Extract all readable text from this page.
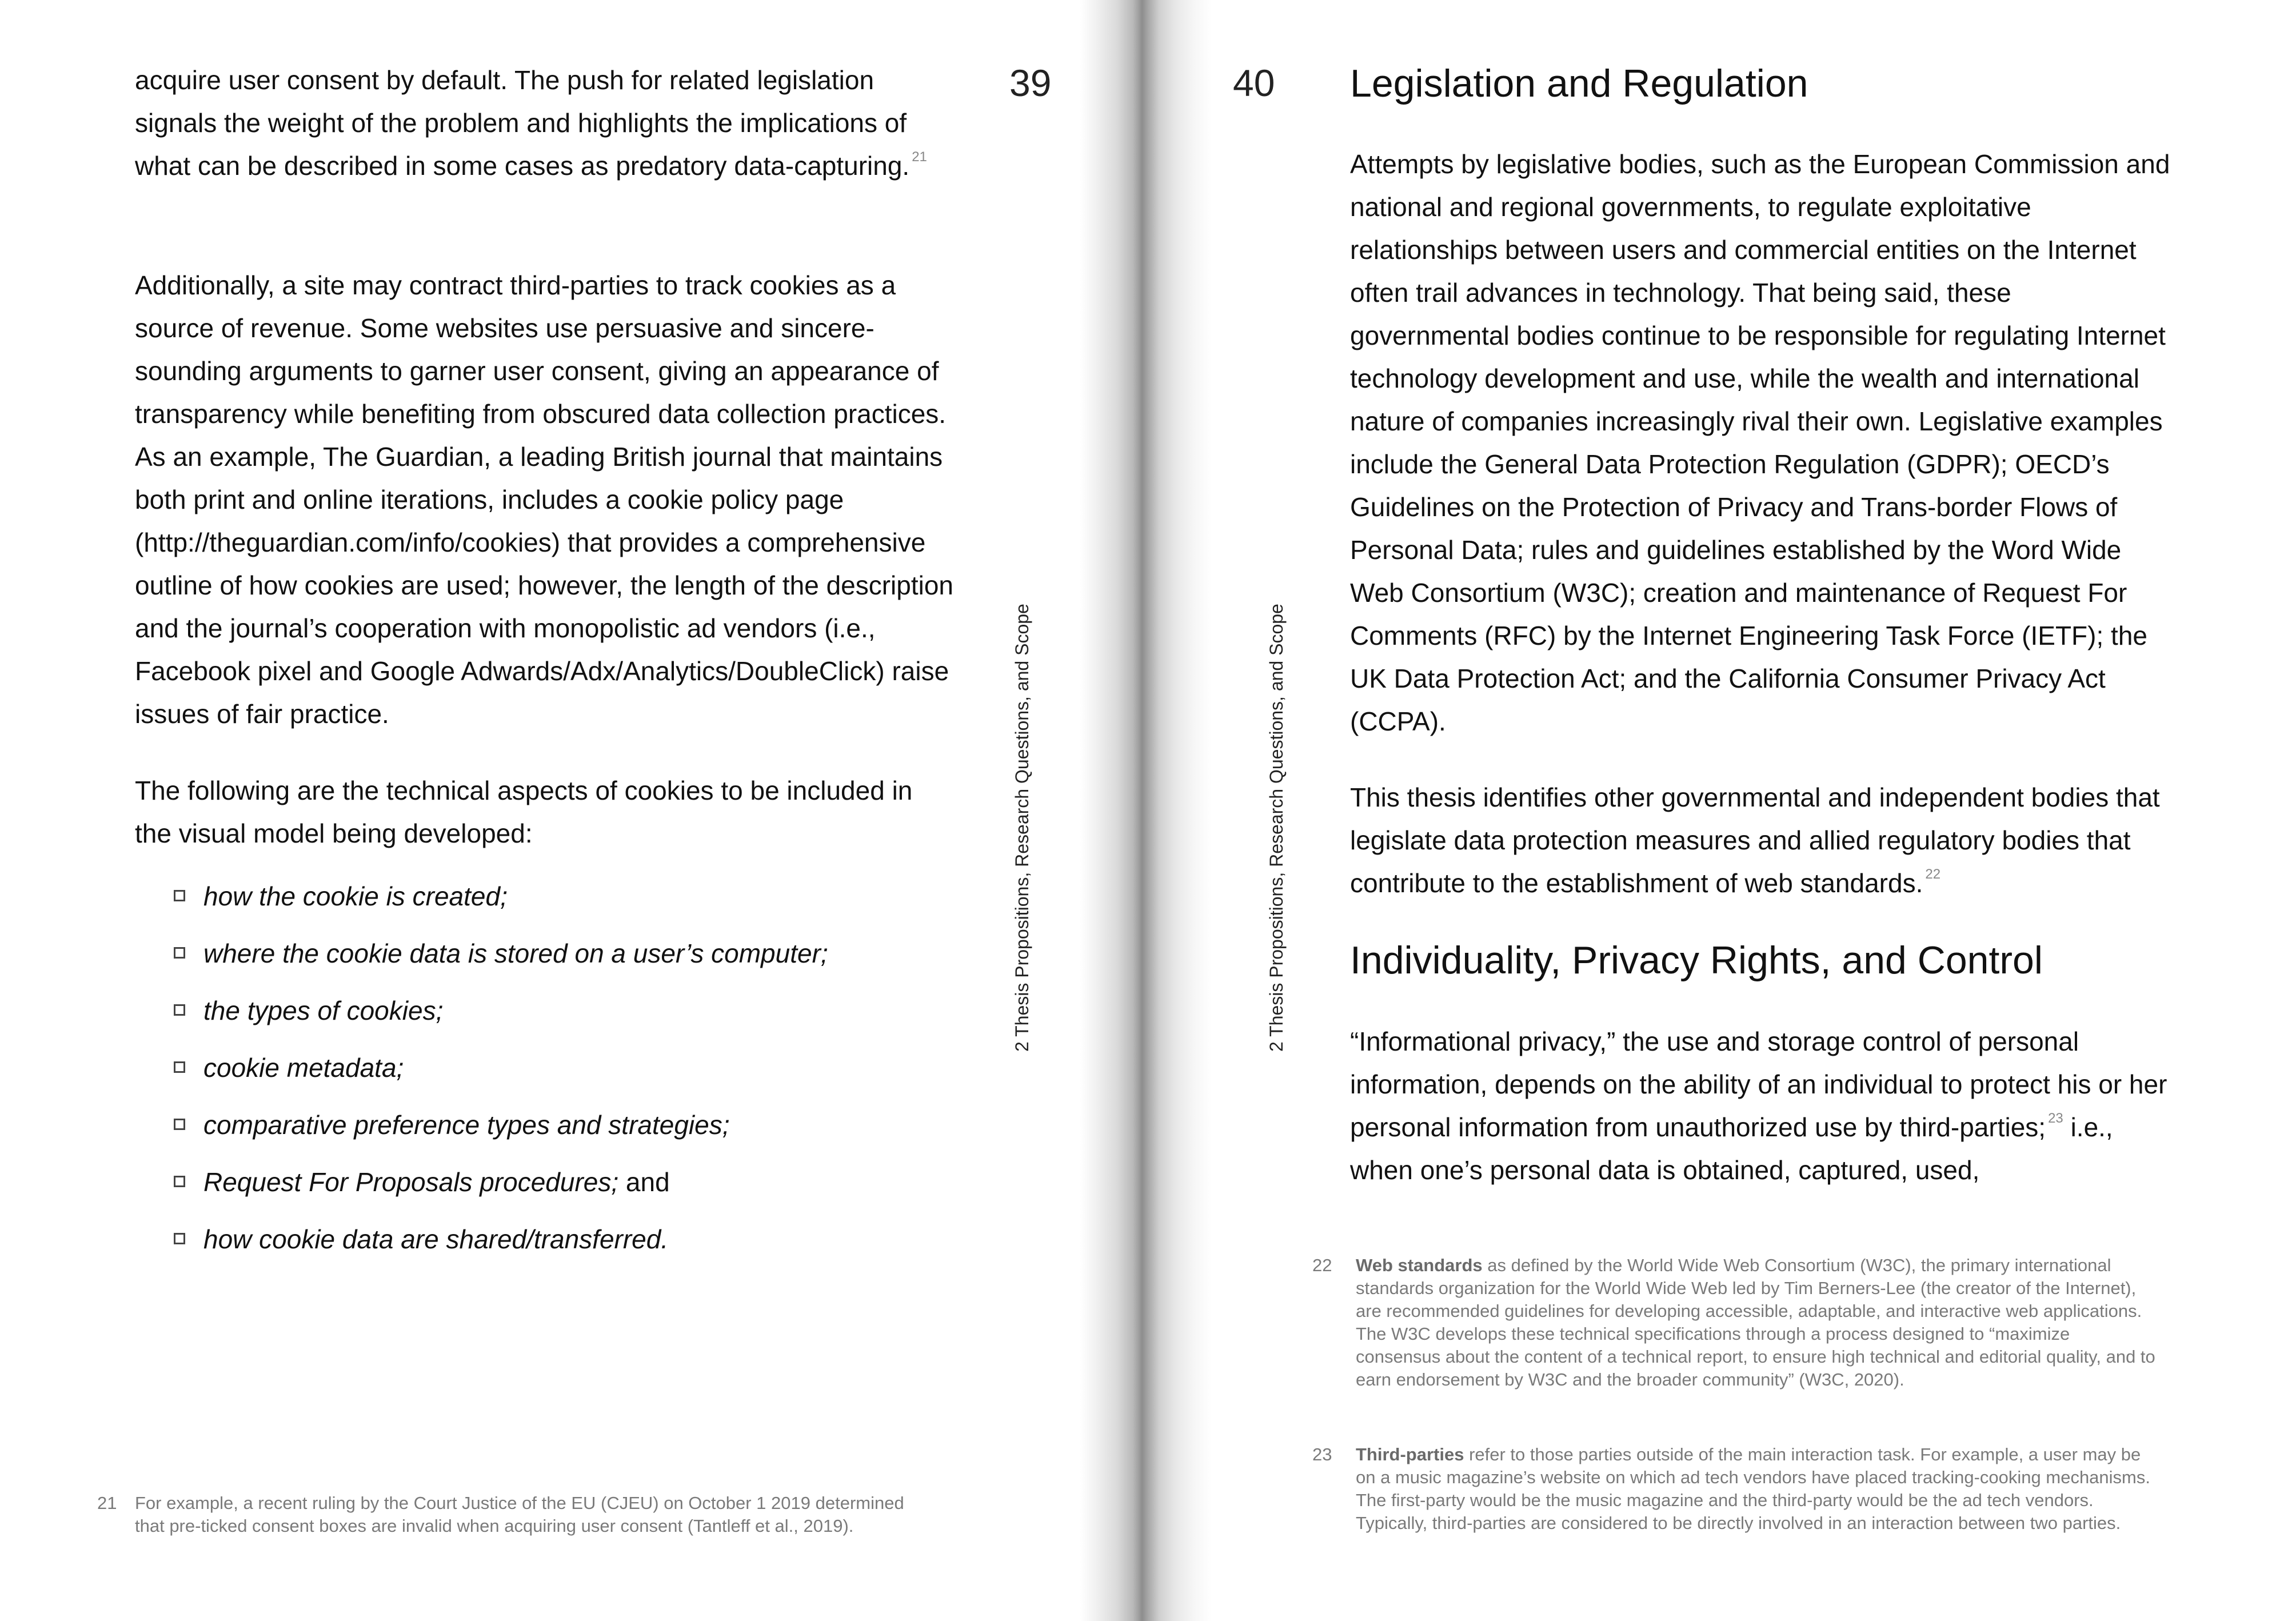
39

2 Thesis Propositions, Research Questions, and Scope

acquire user consent by default. The push for related legislation signals the weight of the problem and highlights the implications of what can be described in some cases as predatory data-capturing. $^{21}$

Additionally, a site may contract third-parties to track cookies as a source of revenue. Some websites use persuasive and sincere-sounding arguments to garner user consent, giving an appearance of transparency while benefiting from obscured data collection practices. As an example, The Guardian, a leading British journal that maintains both print and online iterations, includes a cookie policy page (http://theguardian.com/info/cookies) that provides a comprehensive outline of how cookies are used; however, the length of the description and the journal’s cooperation with monopolistic ad vendors (i.e., Facebook pixel and Google Adwards/Adx/Analytics/DoubleClick) raise issues of fair practice.

The following are the technical aspects of cookies to be included in the visual model being developed:

how the cookie is created;
where the cookie data is stored on a user’s computer;
the types of cookies;
cookie metadata;
comparative preference types and strategies;
Request For Proposals procedures; and
how cookie data are shared/transferred.
21 For example, a recent ruling by the Court Justice of the EU (CJEU) on October 1 2019 determined that pre-ticked consent boxes are invalid when acquiring user consent (Tantleff et al., 2019).

40

2 Thesis Propositions, Research Questions, and Scope

Legislation and Regulation

Attempts by legislative bodies, such as the European Commission and national and regional governments, to regulate exploitative relationships between users and commercial entities on the Internet often trail advances in technology. That being said, these governmental bodies continue to be responsible for regulating Internet technology development and use, while the wealth and international nature of companies increasingly rival their own. Legislative examples include the General Data Protection Regulation (GDPR); OECD’s Guidelines on the Protection of Privacy and Trans-border Flows of Personal Data; rules and guidelines established by the Word Wide Web Consortium (W3C); creation and maintenance of Request For Comments (RFC) by the Internet Engineering Task Force (IETF); the UK Data Protection Act; and the California Consumer Privacy Act (CCPA).

This thesis identifies other governmental and independent bodies that legislate data protection measures and allied regulatory bodies that contribute to the establishment of web standards. $^{22}$

Individuality, Privacy Rights, and Control

“Informational privacy,” the use and storage control of personal information, depends on the ability of an individual to protect his or her personal information from unauthorized use by third-parties; $^{23}$ i.e., when one’s personal data is obtained, captured, used,

22 Web standards as defined by the World Wide Web Consortium (W3C), the primary international standards organization for the World Wide Web led by Tim Berners-Lee (the creator of the Internet), are recommended guidelines for developing accessible, adaptable, and interactive web applications. The W3C develops these technical specifications through a process designed to “maximize consensus about the content of a technical report, to ensure high technical and editorial quality, and to earn endorsement by W3C and the broader community” (W3C, 2020).
23 Third-parties refer to those parties outside of the main interaction task. For example, a user may be on a music magazine’s website on which ad tech vendors have placed tracking-cooking mechanisms. The first-party would be the music magazine and the third-party would be the ad tech vendors. Typically, third-parties are considered to be directly involved in an interaction between two parties.
